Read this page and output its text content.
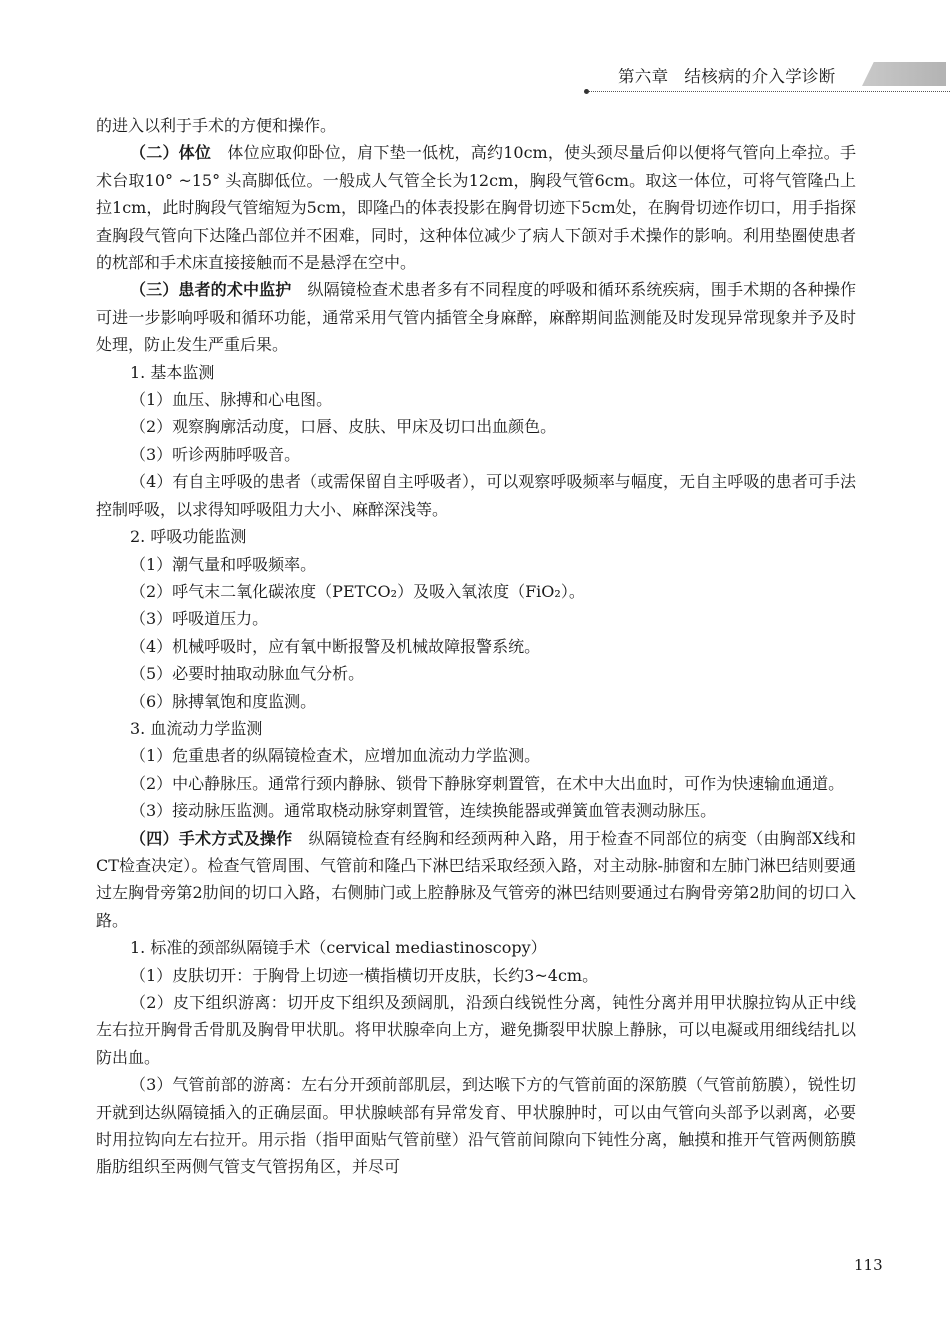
第六章 结核病的介入学诊断

的进入以利于手术的方便和操作。

（二）体位　体位应取仰卧位，肩下垫一低枕，高约10cm，使头颈尽量后仰以便将气管向上牵拉。手术台取10° ~15° 头高脚低位。一般成人气管全长为12cm，胸段气管6cm。取这一体位，可将气管隆凸上拉1cm，此时胸段气管缩短为5cm，即隆凸的体表投影在胸骨切迹下5cm处，在胸骨切迹作切口，用手指探查胸段气管向下达隆凸部位并不困难，同时，这种体位减少了病人下颌对手术操作的影响。利用垫圈使患者的枕部和手术床直接接触而不是悬浮在空中。

（三）患者的术中监护　纵隔镜检查术患者多有不同程度的呼吸和循环系统疾病，围手术期的各种操作可进一步影响呼吸和循环功能，通常采用气管内插管全身麻醉，麻醉期间监测能及时发现异常现象并予及时处理，防止发生严重后果。

1. 基本监测

（1）血压、脉搏和心电图。

（2）观察胸廓活动度，口唇、皮肤、甲床及切口出血颜色。

（3）听诊两肺呼吸音。

（4）有自主呼吸的患者（或需保留自主呼吸者），可以观察呼吸频率与幅度，无自主呼吸的患者可手法控制呼吸，以求得知呼吸阻力大小、麻醉深浅等。

2. 呼吸功能监测

（1）潮气量和呼吸频率。

（2）呼气末二氧化碳浓度（PETCO₂）及吸入氧浓度（FiO₂）。

（3）呼吸道压力。

（4）机械呼吸时，应有氧中断报警及机械故障报警系统。

（5）必要时抽取动脉血气分析。

（6）脉搏氧饱和度监测。

3. 血流动力学监测

（1）危重患者的纵隔镜检查术，应增加血流动力学监测。

（2）中心静脉压。通常行颈内静脉、锁骨下静脉穿刺置管，在术中大出血时，可作为快速输血通道。

（3）接动脉压监测。通常取桡动脉穿刺置管，连续换能器或弹簧血管表测动脉压。

（四）手术方式及操作　纵隔镜检查有经胸和经颈两种入路，用于检查不同部位的病变（由胸部X线和CT检查决定）。检查气管周围、气管前和隆凸下淋巴结采取经颈入路，对主动脉-肺窗和左肺门淋巴结则要通过左胸骨旁第2肋间的切口入路，右侧肺门或上腔静脉及气管旁的淋巴结则要通过右胸骨旁第2肋间的切口入路。

1. 标准的颈部纵隔镜手术（cervical mediastinoscopy）

（1）皮肤切开：于胸骨上切迹一横指横切开皮肤，长约3~4cm。

（2）皮下组织游离：切开皮下组织及颈阔肌，沿颈白线锐性分离，钝性分离并用甲状腺拉钩从正中线左右拉开胸骨舌骨肌及胸骨甲状肌。将甲状腺牵向上方，避免撕裂甲状腺上静脉，可以电凝或用细线结扎以防出血。

（3）气管前部的游离：左右分开颈前部肌层，到达喉下方的气管前面的深筋膜（气管前筋膜），锐性切开就到达纵隔镜插入的正确层面。甲状腺峡部有异常发育、甲状腺肿时，可以由气管向头部予以剥离，必要时用拉钩向左右拉开。用示指（指甲面贴气管前壁）沿气管前间隙向下钝性分离，触摸和推开气管两侧筋膜脂肪组织至两侧气管支气管拐角区，并尽可

113
